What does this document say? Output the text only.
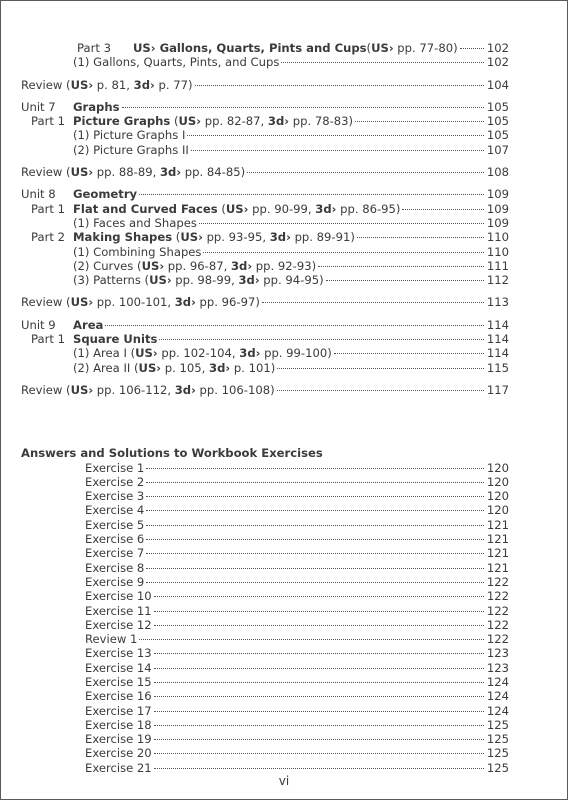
Part 3	US› Gallons, Quarts, Pints and Cups(US› pp. 77-80)	102
(1) Gallons, Quarts, Pints, and Cups	102
Review (US› p. 81, 3d› p. 77)	104
Unit 7	Graphs	105
Part 1 Picture Graphs (US› pp. 82-87, 3d› pp. 78-83)	105
(1) Picture Graphs I	105
(2) Picture Graphs II	107
Review (US› pp. 88-89, 3d› pp. 84-85)	108
Unit 8	Geometry	109
Part 1 Flat and Curved Faces (US› pp. 90-99, 3d› pp. 86-95)	109
(1) Faces and Shapes	109
Part 2 Making Shapes (US› pp. 93-95, 3d› pp. 89-91)	110
(1) Combining Shapes	110
(2) Curves (US› pp. 96-87, 3d› pp. 92-93)	111
(3) Patterns (US› pp. 98-99, 3d› pp. 94-95)	112
Review (US› pp. 100-101, 3d› pp. 96-97)	113
Unit 9	Area	114
Part 1 Square Units	114
(1) Area I (US› pp. 102-104, 3d› pp. 99-100)	114
(2) Area II (US› p. 105, 3d› p. 101)	115
Review (US› pp. 106-112, 3d› pp. 106-108)	117
Answers and Solutions to Workbook Exercises
Exercise 1	120
Exercise 2	120
Exercise 3	120
Exercise 4	120
Exercise 5	121
Exercise 6	121
Exercise 7	121
Exercise 8	121
Exercise 9	122
Exercise 10	122
Exercise 11	122
Exercise 12	122
Review 1	122
Exercise 13	123
Exercise 14	123
Exercise 15	124
Exercise 16	124
Exercise 17	124
Exercise 18	125
Exercise 19	125
Exercise 20	125
Exercise 21	125
vi
